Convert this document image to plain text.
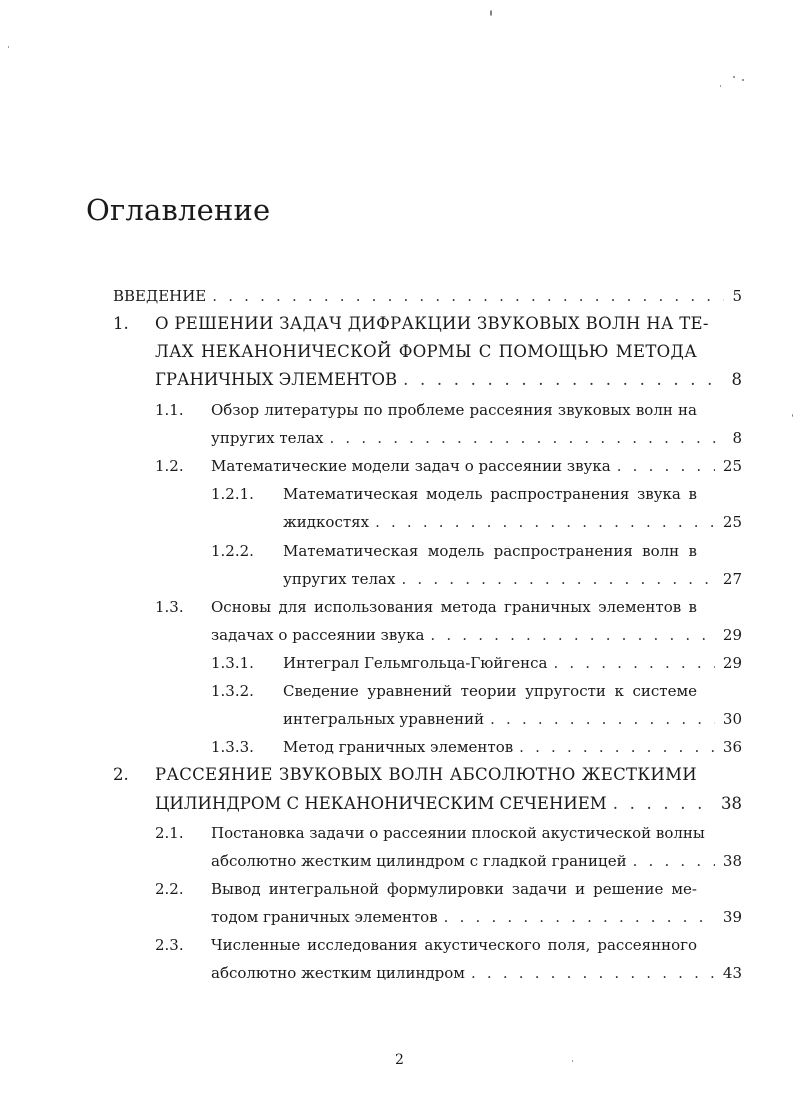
Оглавление
ВВЕДЕНИЕ . . .	5
1. О РЕШЕНИИ ЗАДАЧ ДИФРАКЦИИ ЗВУКОВЫХ ВОЛН НА ТЕ-
ЛАХ НЕКАНОНИЧЕСКОЙ ФОРМЫ С ПОМОЩЬЮ МЕТОДА
ГРАНИЧНЫХ ЭЛЕМЕНТОВ . . .	8
1.1. Обзор литературы по проблеме рассеяния звуковых волн на
упругих телах . . .	8
1.2. Математические модели задач о рассеянии звука . . .	25
1.2.1. Математическая модель распространения звука в
жидкостях . . .	25
1.2.2. Математическая модель распространения волн в
упругих телах . . .	27
1.3. Основы для использования метода граничных элементов в
задачах о рассеянии звука . . .	29
1.3.1. Интеграл Гельмгольца-Гюйгенса . . .	29
1.3.2. Сведение уравнений теории упругости к системе
интегральных уравнений . . .	30
1.3.3. Метод граничных элементов . . .	36
2. РАССЕЯНИЕ ЗВУКОВЫХ ВОЛН АБСОЛЮТНО ЖЕСТКИМИ
ЦИЛИНДРОМ С НЕКАНОНИЧЕСКИМ СЕЧЕНИЕМ . . .	38
2.1. Постановка задачи о рассеянии плоской акустической волны
абсолютно жестким цилиндром с гладкой границей . . .	38
2.2. Вывод интегральной формулировки задачи и решение ме-
тодом граничных элементов . . .	39
2.3. Численные исследования акустического поля, рассеянного
абсолютно жестким цилиндром . . .	43
2
